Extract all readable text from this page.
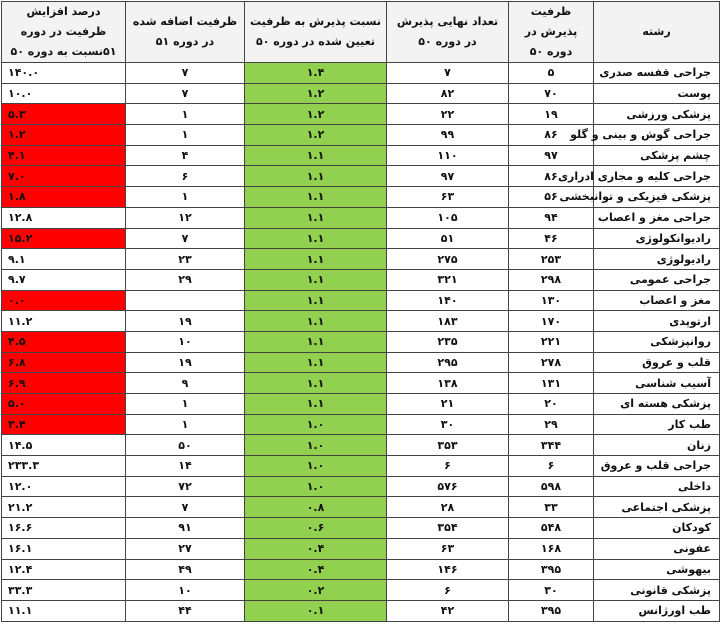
رشته	ظرفیت پذیرش در دوره ۵۰	تعداد نهایی پذیرش در دوره ۵۰	نسبت پذیرش به ظرفیت تعیین شده در دوره ۵۰	ظرفیت اضافه شده در دوره ۵۱	درصد افزایش ظرفیت در دوره ۵۱نسبت به دوره ۵۰
جراحی قفسه صدری	۵	۷	۱.۴	۷	۱۴۰.۰
پوست	۷۰	۸۲	۱.۲	۷	۱۰.۰
پزشکی ورزشی	۱۹	۲۲	۱.۲	۱	۵.۳
جراحی گوش و بینی و گلو	۸۶	۹۹	۱.۲	۱	۱.۲
چشم پزشکی	۹۷	۱۱۰	۱.۱	۴	۴.۱
جراحی کلیه و مجاری ادراری	۸۶	۹۷	۱.۱	۶	۷.۰
پزشکی فیزیکی و توانبخشی	۵۶	۶۳	۱.۱	۱	۱.۸
جراحی مغز و اعصاب	۹۴	۱۰۵	۱.۱	۱۲	۱۲.۸
رادیوانکولوژی	۴۶	۵۱	۱.۱	۷	۱۵.۲
رادیولوژی	۲۵۳	۲۷۵	۱.۱	۲۳	۹.۱
جراحی عمومی	۲۹۸	۳۲۱	۱.۱	۲۹	۹.۷
مغز و اعصاب	۱۳۰	۱۴۰	۱.۱		۰.۰
ارتوپدی	۱۷۰	۱۸۳	۱.۱	۱۹	۱۱.۲
روانپزشکی	۲۲۱	۲۳۵	۱.۱	۱۰	۴.۵
قلب و عروق	۲۷۸	۲۹۵	۱.۱	۱۹	۶.۸
آسیب شناسی	۱۳۱	۱۳۸	۱.۱	۹	۶.۹
پزشکی هسته ای	۲۰	۲۱	۱.۱	۱	۵.۰
طب کار	۲۹	۳۰	۱.۰	۱	۳.۴
زنان	۳۴۴	۳۵۳	۱.۰	۵۰	۱۴.۵
جراحی قلب و عروق	۶	۶	۱.۰	۱۴	۲۳۳.۳
داخلی	۵۹۸	۵۷۶	۱.۰	۷۲	۱۲.۰
پزشکی اجتماعی	۳۳	۲۸	۰.۸	۷	۲۱.۲
کودکان	۵۴۸	۳۵۴	۰.۶	۹۱	۱۶.۶
عفونی	۱۶۸	۶۳	۰.۴	۲۷	۱۶.۱
بیهوشی	۳۹۵	۱۴۶	۰.۴	۴۹	۱۲.۴
پزشکی قانونی	۳۰	۶	۰.۲	۱۰	۳۳.۳
طب اورژانس	۳۹۵	۴۲	۰.۱	۴۴	۱۱.۱
